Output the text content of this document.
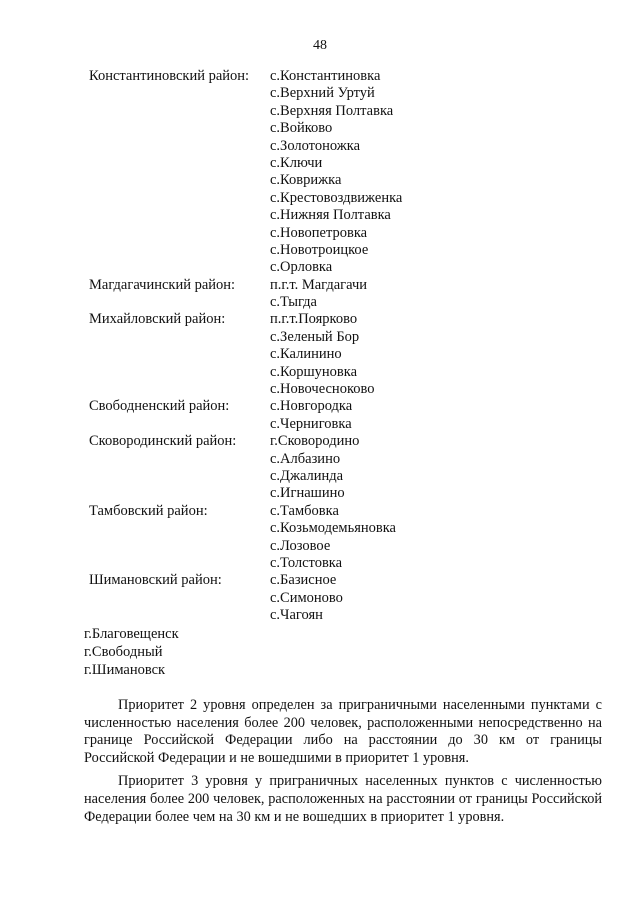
48
Константиновский район: с.Константиновка
с.Верхний Уртуй
с.Верхняя Полтавка
с.Войково
с.Золотоножка
с.Ключи
с.Коврижка
с.Крестовоздвиженка
с.Нижняя Полтавка
с.Новопетровка
с.Новотроицкое
с.Орловка
Магдагачинский район: п.г.т. Магдагачи
с.Тыгда
Михайловский район:	п.г.т.Поярково
с.Зеленый Бор
с.Калинино
с.Коршуновка
с.Новочесноково
Свободненский район:	с.Новгородка
с.Черниговка
Сковородинский район: г.Сковородино
с.Албазино
с.Джалинда
с.Игнашино
Тамбовский район:	с.Тамбовка
с.Козьмодемьяновка
с.Лозовое
с.Толстовка
Шимановский район:	с.Базисное
с.Симоново
с.Чагоян
г.Благовещенск
г.Свободный
г.Шимановск

Приоритет 2 уровня определен за приграничными населенными пунктами с численностью населения более 200 человек, расположенными непосредственно на границе Российской Федерации либо на расстоянии до 30 км от границы Российской Федерации и не вошедшими в приоритет 1 уровня.

Приоритет 3 уровня у приграничных населенных пунктов с численностью населения более 200 человек, расположенных на расстоянии от границы Российской Федерации более чем на 30 км и не вошедших в приоритет 1 уровня.
